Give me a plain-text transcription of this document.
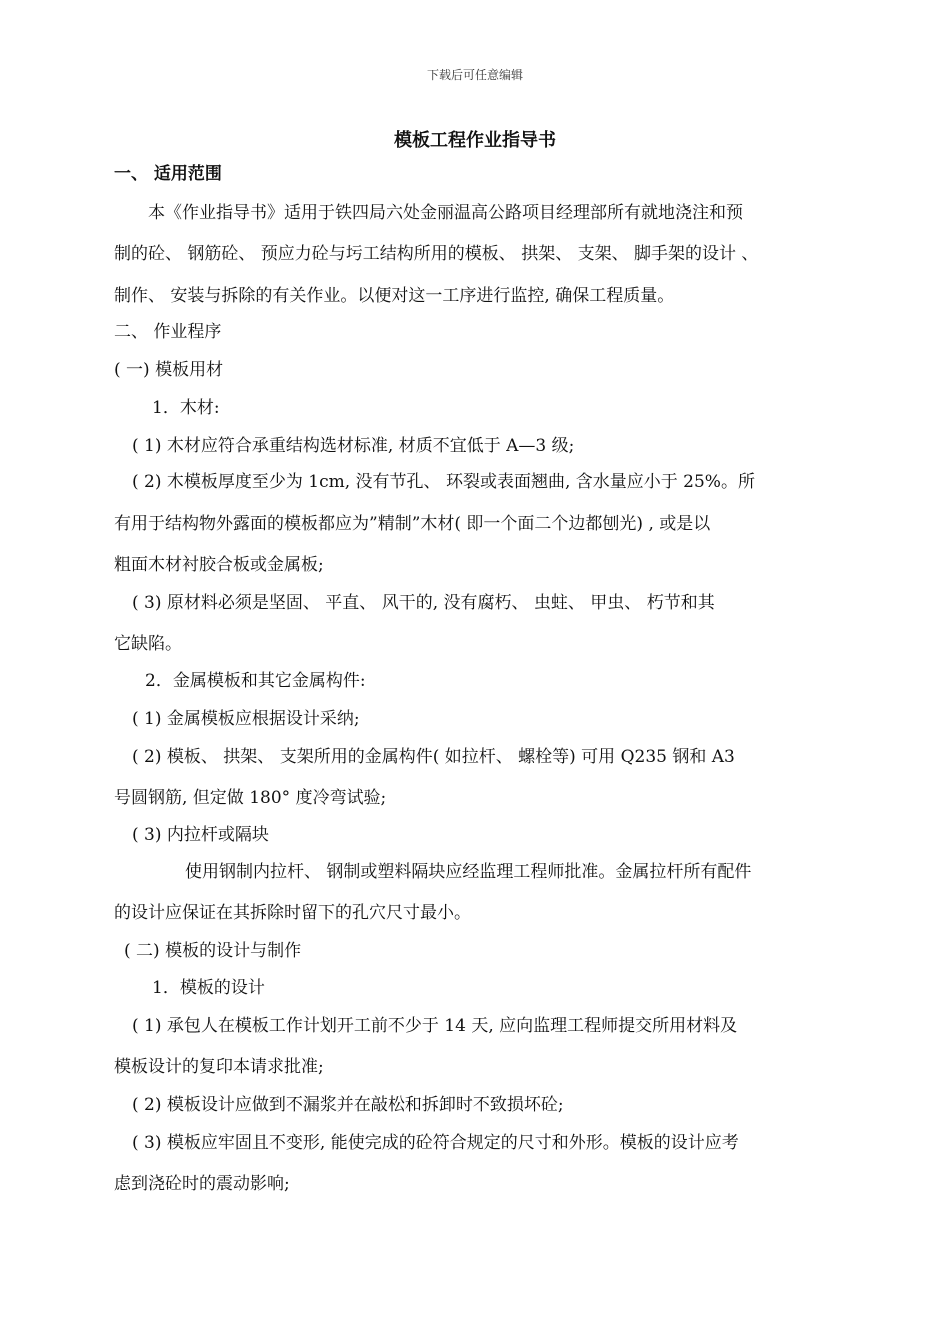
下载后可任意编辑
模板工程作业指导书
一、 适用范围
本《作业指导书》适用于铁四局六处金丽温高公路项目经理部所有就地浇注和预
制的砼、 钢筋砼、 预应力砼与圬工结构所用的模板、 拱架、 支架、 脚手架的设计 、
制作、 安装与拆除的有关作业。以便对这一工序进行监控, 确保工程质量。
二、 作业程序
( 一) 模板用材
1．木材:
( 1) 木材应符合承重结构选材标准, 材质不宜低于 A—3 级;
( 2) 木模板厚度至少为 1cm, 没有节孔、 环裂或表面翘曲, 含水量应小于 25%。所
有用于结构物外露面的模板都应为”精制”木材( 即一个面二个边都刨光) , 或是以
粗面木材衬胶合板或金属板;
( 3) 原材料必须是坚固、 平直、 风干的, 没有腐朽、 虫蛀、 甲虫、 朽节和其
它缺陷。
2．金属模板和其它金属构件:
( 1) 金属模板应根据设计采纳;
( 2) 模板、 拱架、 支架所用的金属构件( 如拉杆、 螺栓等) 可用 Q235 钢和 A3
号圆钢筋, 但定做 180° 度冷弯试验;
( 3) 内拉杆或隔块
使用钢制内拉杆、 钢制或塑料隔块应经监理工程师批准。金属拉杆所有配件
的设计应保证在其拆除时留下的孔穴尺寸最小。
( 二) 模板的设计与制作
1．模板的设计
( 1) 承包人在模板工作计划开工前不少于 14 天, 应向监理工程师提交所用材料及
模板设计的复印本请求批准;
( 2) 模板设计应做到不漏浆并在敲松和拆卸时不致损坏砼;
( 3) 模板应牢固且不变形, 能使完成的砼符合规定的尺寸和外形。模板的设计应考
虑到浇砼时的震动影响;
